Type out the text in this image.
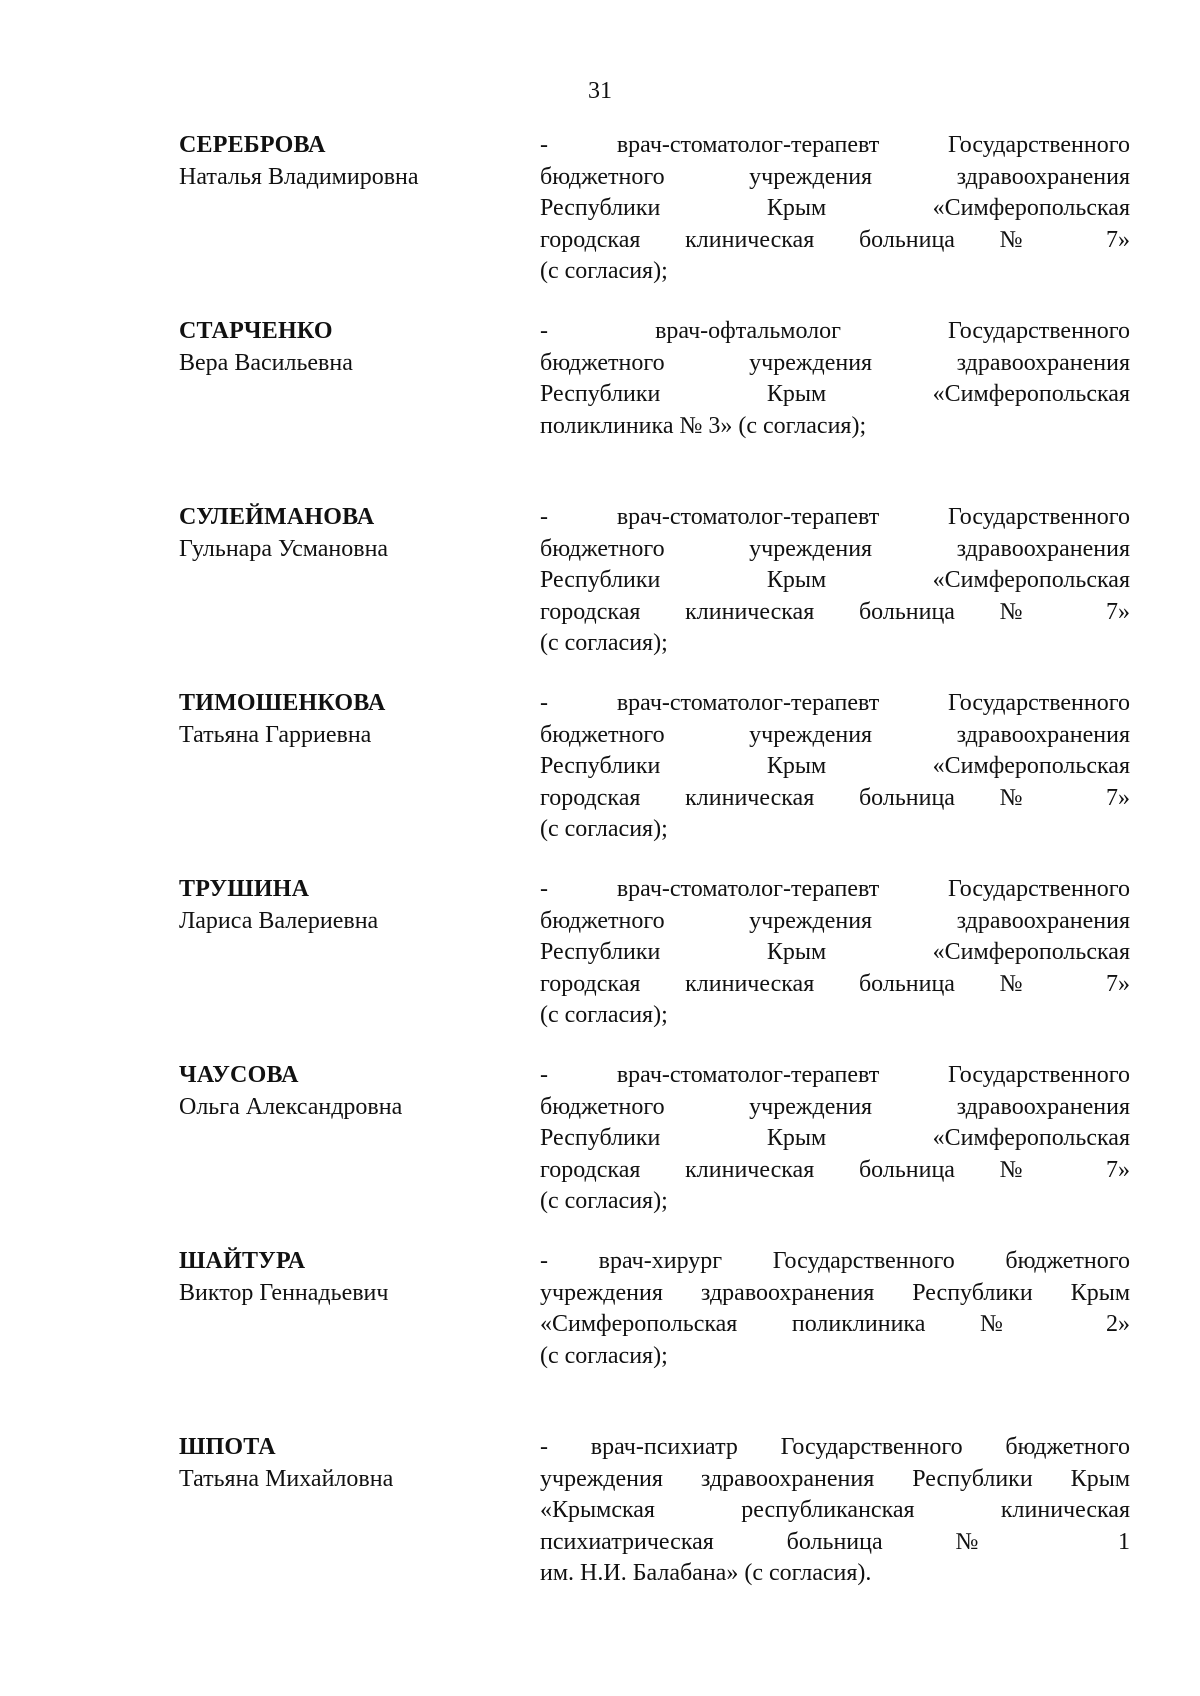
31
СЕРЕБРОВА
Наталья Владимировна
- врач-стоматолог-терапевт Государственного
бюджетного учреждения здравоохранения
Республики Крым «Симферопольская
городская клиническая больница № 7»
(с согласия);
СТАРЧЕНКО
Вера Васильевна
- врач-офтальмолог Государственного
бюджетного учреждения здравоохранения
Республики Крым «Симферопольская
поликлиника № 3» (с согласия);
СУЛЕЙМАНОВА
Гульнара Усмановна
- врач-стоматолог-терапевт Государственного
бюджетного учреждения здравоохранения
Республики Крым «Симферопольская
городская клиническая больница № 7»
(с согласия);
ТИМОШЕНКОВА
Татьяна Гарриевна
- врач-стоматолог-терапевт Государственного
бюджетного учреждения здравоохранения
Республики Крым «Симферопольская
городская клиническая больница № 7»
(с согласия);
ТРУШИНА
Лариса Валериевна
- врач-стоматолог-терапевт Государственного
бюджетного учреждения здравоохранения
Республики Крым «Симферопольская
городская клиническая больница № 7»
(с согласия);
ЧАУСОВА
Ольга Александровна
- врач-стоматолог-терапевт Государственного
бюджетного учреждения здравоохранения
Республики Крым «Симферопольская
городская клиническая больница № 7»
(с согласия);
ШАЙТУРА
Виктор Геннадьевич
- врач-хирург Государственного бюджетного
учреждения здравоохранения Республики Крым
«Симферопольская поликлиника № 2»
(с согласия);
ШПОТА
Татьяна Михайловна
- врач-психиатр Государственного бюджетного
учреждения здравоохранения Республики Крым
«Крымская республиканская клиническая
психиатрическая больница № 1
им. Н.И. Балабана» (с согласия).
